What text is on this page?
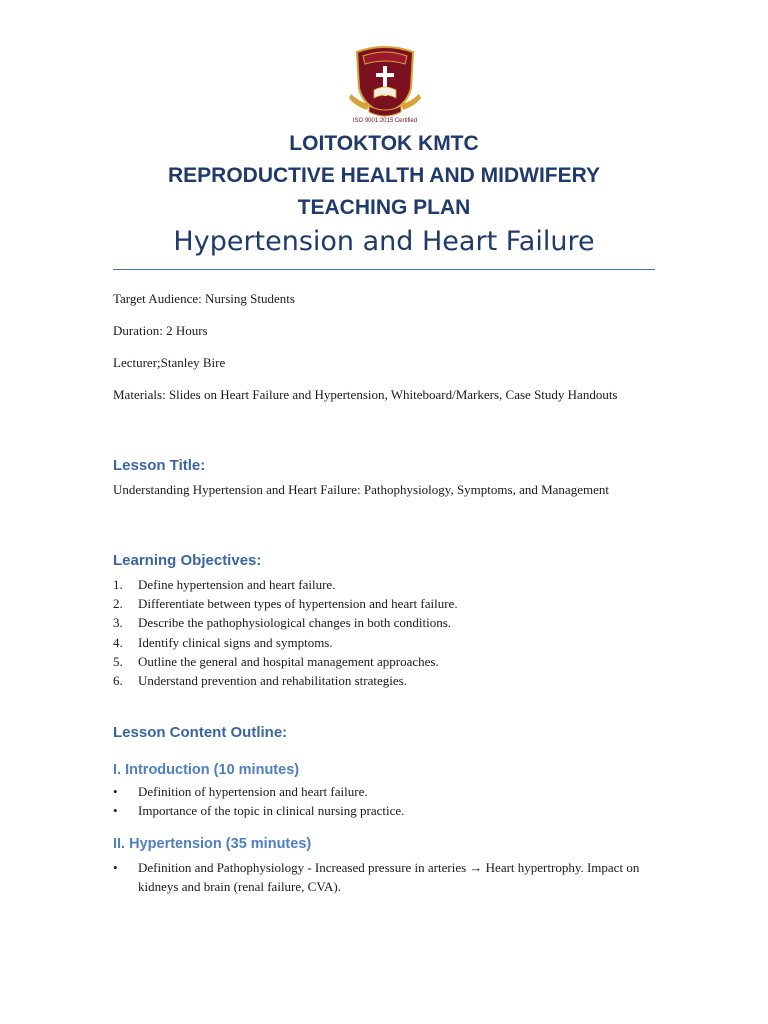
ISO 9001:2015 Certified
LOITOKTOK KMTC
REPRODUCTIVE HEALTH AND MIDWIFERY
TEACHING PLAN
Hypertension and Heart Failure
Target Audience: Nursing Students
Duration: 2 Hours
Lecturer;Stanley Bire
Materials: Slides on Heart Failure and Hypertension, Whiteboard/Markers, Case Study Handouts
Lesson Title:
Understanding Hypertension and Heart Failure: Pathophysiology, Symptoms, and Management
Learning Objectives:
1. Define hypertension and heart failure.
2. Differentiate between types of hypertension and heart failure.
3. Describe the pathophysiological changes in both conditions.
4. Identify clinical signs and symptoms.
5. Outline the general and hospital management approaches.
6. Understand prevention and rehabilitation strategies.
Lesson Content Outline:
I. Introduction (10 minutes)
• Definition of hypertension and heart failure.
• Importance of the topic in clinical nursing practice.
II. Hypertension (35 minutes)
• Definition and Pathophysiology - Increased pressure in arteries → Heart hypertrophy. Impact on kidneys and brain (renal failure, CVA).
